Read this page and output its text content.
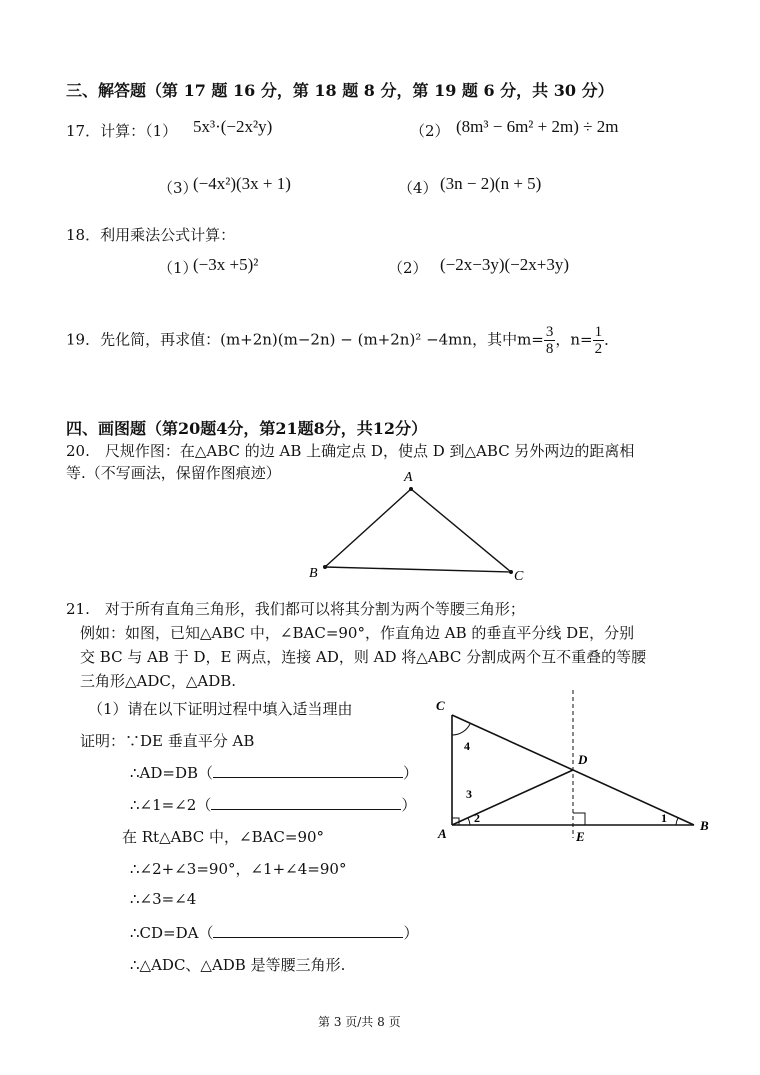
三、解答题（第 17 题 16 分，第 18 题 8 分，第 19 题 6 分，共 30 分）
17．计算：（1） 5x³·(−2x²y)	（2） (8m³ − 6m² + 2m) ÷ 2m
（3）
(−4x²)(3x + 1)	（4） (3n − 2)(n + 5)
18．利用乘法公式计算：
（1）
(−3x +5)²	（2） (−2x−3y)(−2x+3y)
19．先化简，再求值：(m+2n)(m−2n) − (m+2n)² −4mn，其中$m= \frac{3}{8}$ ，$n= \frac{1}{2}$ ．
四、画图题（第20题4分，第21题8分，共12分）
20.　尺规作图：在△ABC 的边 AB 上确定点 D，使点 D 到△ABC 另外两边的距离相
等.（不写画法，保留作图痕迹）	A
B	C
21.　对于所有直角三角形，我们都可以将其分割为两个等腰三角形；
例如：如图，已知△ABC 中，∠BAC=90°，作直角边 AB 的垂直平分线 DE，分别
交 BC 与 AB 于 D，E 两点，连接 AD，则 AD 将△ABC 分割成两个互不重叠的等腰
三角形△ADC，△ADB.
（1）请在以下证明过程中填入适当理由
证明：∵DE 垂直平分 AB
∴AD=DB（	）
∴∠1=∠2（	）
在 Rt△ABC 中，∠BAC=90°
∴∠2+∠3=90°，∠1+∠4=90°
∴∠3=∠4
∴CD=DA（	）
∴△ADC、△ADB 是等腰三角形.
C
D
A	E
B
1
2
3
4
第 3 页/共 8 页
